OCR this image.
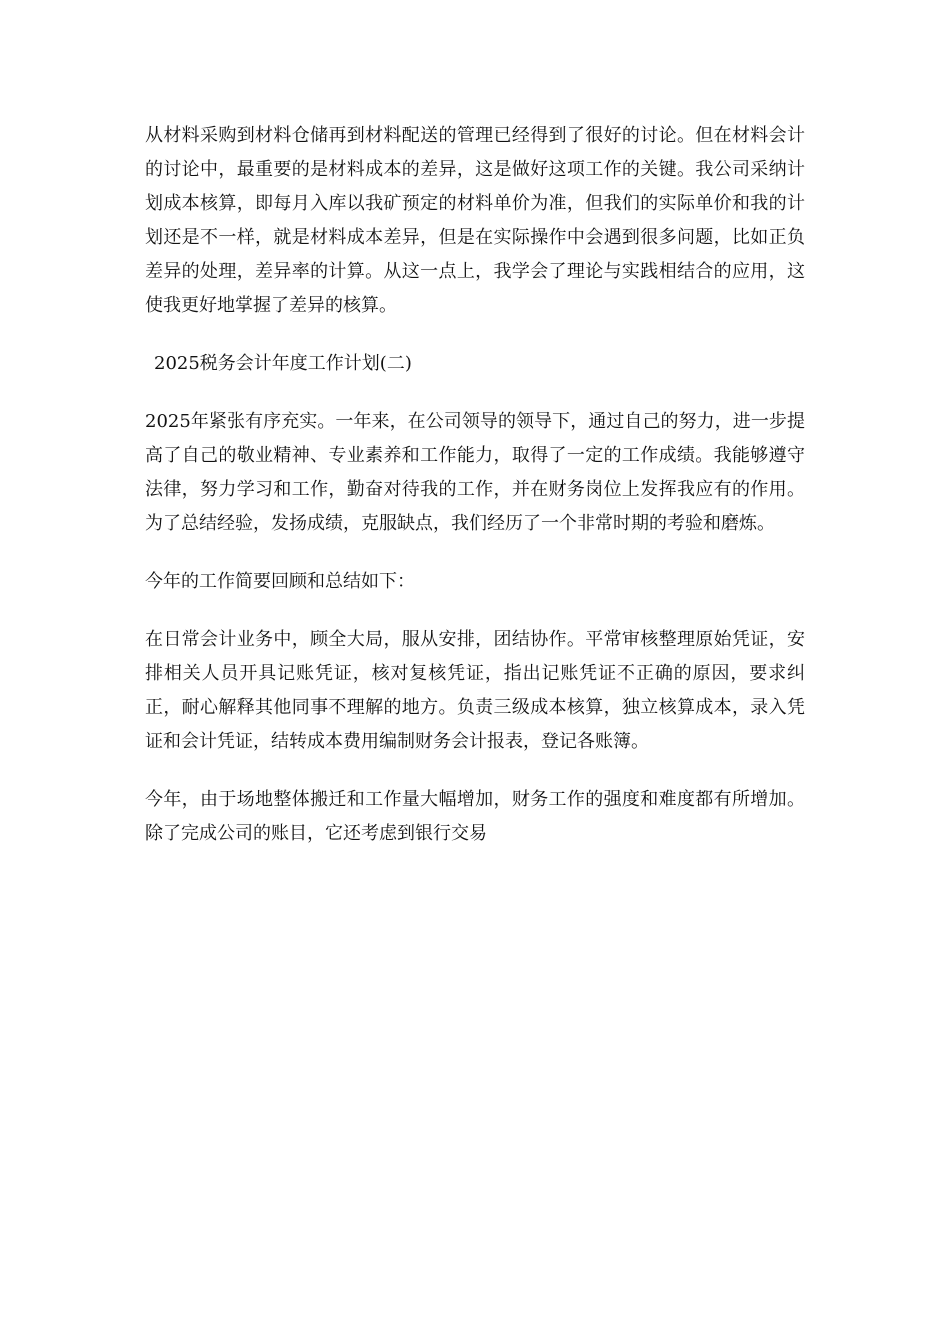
从材料采购到材料仓储再到材料配送的管理已经得到了很好的讨论。但在材料会计的讨论中，最重要的是材料成本的差异，这是做好这项工作的关键。我公司采纳计划成本核算，即每月入库以我矿预定的材料单价为准，但我们的实际单价和我的计划还是不一样，就是材料成本差异，但是在实际操作中会遇到很多问题，比如正负差异的处理，差异率的计算。从这一点上，我学会了理论与实践相结合的应用，这使我更好地掌握了差异的核算。

2025税务会计年度工作计划(二)

2025年紧张有序充实。一年来，在公司领导的领导下，通过自己的努力，进一步提高了自己的敬业精神、专业素养和工作能力，取得了一定的工作成绩。我能够遵守法律，努力学习和工作，勤奋对待我的工作，并在财务岗位上发挥我应有的作用。为了总结经验，发扬成绩，克服缺点，我们经历了一个非常时期的考验和磨炼。

今年的工作简要回顾和总结如下：

在日常会计业务中，顾全大局，服从安排，团结协作。平常审核整理原始凭证，安排相关人员开具记账凭证，核对复核凭证，指出记账凭证不正确的原因，要求纠正，耐心解释其他同事不理解的地方。负责三级成本核算，独立核算成本，录入凭证和会计凭证，结转成本费用编制财务会计报表，登记各账簿。

今年，由于场地整体搬迁和工作量大幅增加，财务工作的强度和难度都有所增加。除了完成公司的账目，它还考虑到银行交易
